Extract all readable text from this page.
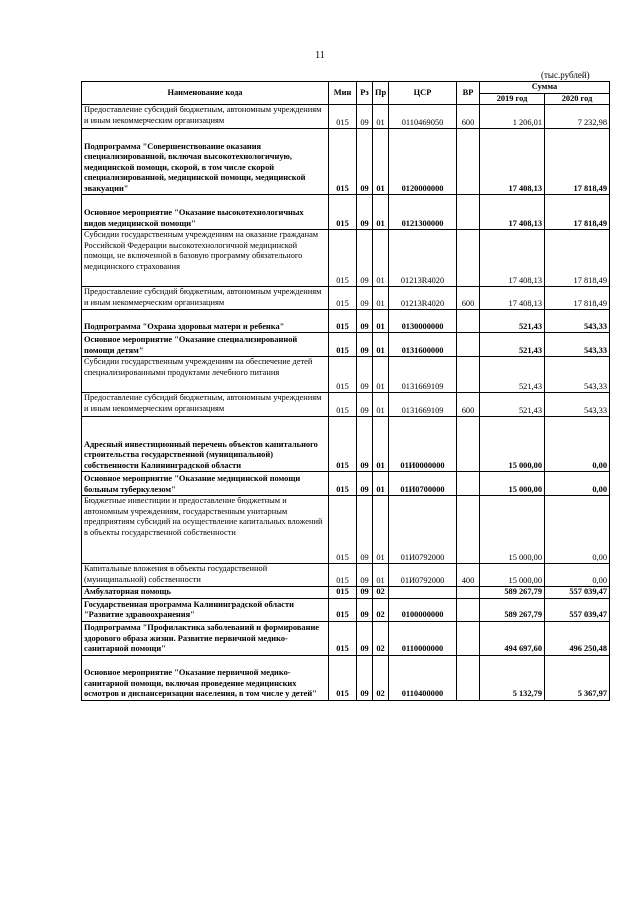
11
(тыс.рублей)
Наименование кода	Мин	Рз	Пр	ЦСР	ВР	Сумма	
						2019 год	2020 год
Предоставление субсидий бюджетным, автономным учреждениям и иным некоммерческим организациям	015	09	01	0110469050	600	1 206,01	7 232,98
Подпрограмма "Совершенствование оказания специализированной, включая высокотехнологичную, медицинской помощи, скорой, в том числе скорой специализированной, медицинской помощи, медицинской эвакуации"	015	09	01	0120000000		17 408,13	17 818,49
Основное мероприятие "Оказание высокотехнологичных видов медицинской помощи"	015	09	01	0121300000		17 408,13	17 818,49
Субсидии государственным учреждениям на оказание гражданам Российской Федерации высокотехнологичной медицинской помощи, не включенной в базовую программу обязательного медицинского страхования	015	09	01	01213R4020		17 408,13	17 818,49
Предоставление субсидий бюджетным, автономным учреждениям и иным некоммерческим организациям	015	09	01	01213R4020	600	17 408,13	17 818,49
Подпрограмма "Охрана здоровья матери и ребенка"	015	09	01	0130000000		521,43	543,33
Основное мероприятие "Оказание специализированной помощи детям"	015	09	01	0131600000		521,43	543,33
Субсидии государственным учреждениям на обеспечение детей специализированными продуктами лечебного питания	015	09	01	0131669109		521,43	543,33
Предоставление субсидий бюджетным, автономным учреждениям и иным некоммерческим организациям	015	09	01	0131669109	600	521,43	543,33
Адресный инвестиционный перечень объектов капитального строительства государственной (муниципальной) собственности Калининградской области	015	09	01	01И0000000		15 000,00	0,00
Основное мероприятие "Оказание медицинской помощи больным туберкулезом"	015	09	01	01И0700000		15 000,00	0,00
Бюджетные инвестиции и предоставление бюджетным и автономным учреждениям, государственным унитарным предприятиям субсидий на осуществление капитальных вложений в объекты государственной собственности	015	09	01	01И0792000		15 000,00	0,00
Капитальные вложения в объекты государственной (муниципальной) собственности	015	09	01	01И0792000	400	15 000,00	0,00
Амбулаторная помощь	015	09	02			589 267,79	557 039,47
Государственная программа Калининградской области "Развитие здравоохранения"	015	09	02	0100000000		589 267,79	557 039,47
Подпрограмма "Профилактика заболеваний и формирование здорового образа жизни. Развитие первичной медико-санитарной помощи"	015	09	02	0110000000		494 697,60	496 250,48
Основное мероприятие "Оказание первичной медико-санитарной помощи, включая проведение медицинских осмотров и диспансеризации населения, в том числе у детей"	015	09	02	0110400000		5 132,79	5 367,97
